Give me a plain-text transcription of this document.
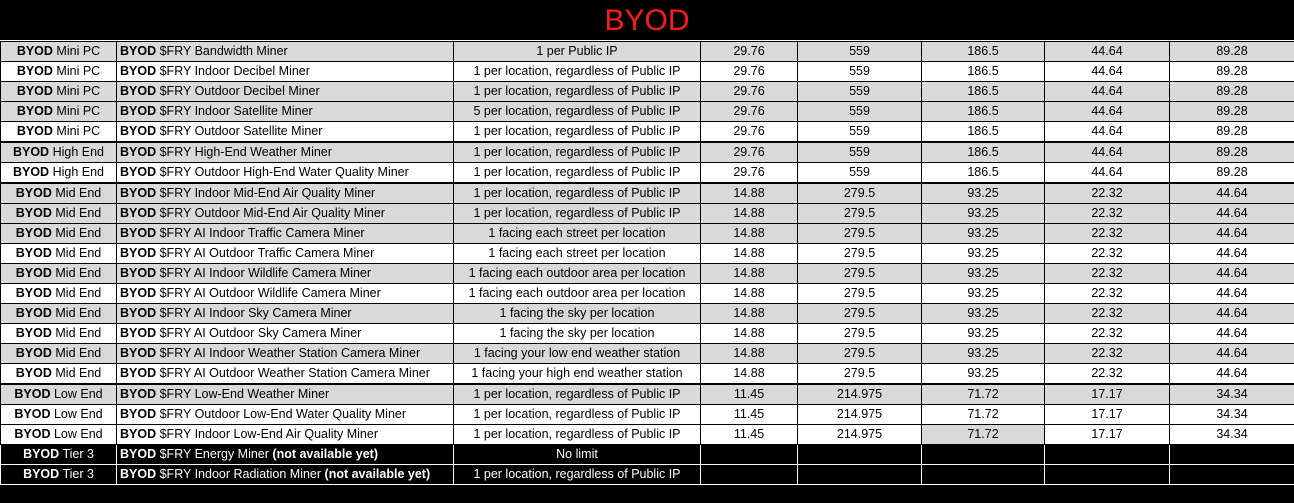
BYOD
BYOD Mini PC	BYOD $FRY Bandwidth Miner	1 per Public IP	29.76	559	186.5	44.64	89.28
BYOD Mini PC	BYOD $FRY Indoor Decibel Miner	1 per location, regardless of Public IP	29.76	559	186.5	44.64	89.28
BYOD Mini PC	BYOD $FRY Outdoor Decibel Miner	1 per location, regardless of Public IP	29.76	559	186.5	44.64	89.28
BYOD Mini PC	BYOD $FRY Indoor Satellite Miner	5 per location, regardless of Public IP	29.76	559	186.5	44.64	89.28
BYOD Mini PC	BYOD $FRY Outdoor Satellite Miner	1 per location, regardless of Public IP	29.76	559	186.5	44.64	89.28
BYOD High End	BYOD $FRY High-End Weather Miner	1 per location, regardless of Public IP	29.76	559	186.5	44.64	89.28
BYOD High End	BYOD $FRY Outdoor High-End Water Quality Miner	1 per location, regardless of Public IP	29.76	559	186.5	44.64	89.28
BYOD Mid End	BYOD $FRY Indoor Mid-End Air Quality Miner	1 per location, regardless of Public IP	14.88	279.5	93.25	22.32	44.64
BYOD Mid End	BYOD $FRY Outdoor Mid-End Air Quality Miner	1 per location, regardless of Public IP	14.88	279.5	93.25	22.32	44.64
BYOD Mid End	BYOD $FRY AI Indoor Traffic Camera Miner	1 facing each street per location	14.88	279.5	93.25	22.32	44.64
BYOD Mid End	BYOD $FRY AI Outdoor Traffic Camera Miner	1 facing each street per location	14.88	279.5	93.25	22.32	44.64
BYOD Mid End	BYOD $FRY AI Indoor Wildlife Camera Miner	1 facing each outdoor area per location	14.88	279.5	93.25	22.32	44.64
BYOD Mid End	BYOD $FRY AI Outdoor Wildlife Camera Miner	1 facing each outdoor area per location	14.88	279.5	93.25	22.32	44.64
BYOD Mid End	BYOD $FRY AI Indoor Sky Camera Miner	1 facing the sky per location	14.88	279.5	93.25	22.32	44.64
BYOD Mid End	BYOD $FRY AI Outdoor Sky Camera Miner	1 facing the sky per location	14.88	279.5	93.25	22.32	44.64
BYOD Mid End	BYOD $FRY AI Indoor Weather Station Camera Miner	1 facing your low end weather station	14.88	279.5	93.25	22.32	44.64
BYOD Mid End	BYOD $FRY AI Outdoor Weather Station Camera Miner	1 facing your high end weather station	14.88	279.5	93.25	22.32	44.64
BYOD Low End	BYOD $FRY Low-End Weather Miner	1 per location, regardless of Public IP	11.45	214.975	71.72	17.17	34.34
BYOD Low End	BYOD $FRY Outdoor Low-End Water Quality Miner	1 per location, regardless of Public IP	11.45	214.975	71.72	17.17	34.34
BYOD Low End	BYOD $FRY Indoor Low-End Air Quality Miner	1 per location, regardless of Public IP	11.45	214.975	71.72	17.17	34.34
BYOD Tier 3	BYOD $FRY Energy Miner (not available yet)	No limit					
BYOD Tier 3	BYOD $FRY Indoor Radiation Miner (not available yet)	1 per location, regardless of Public IP					
